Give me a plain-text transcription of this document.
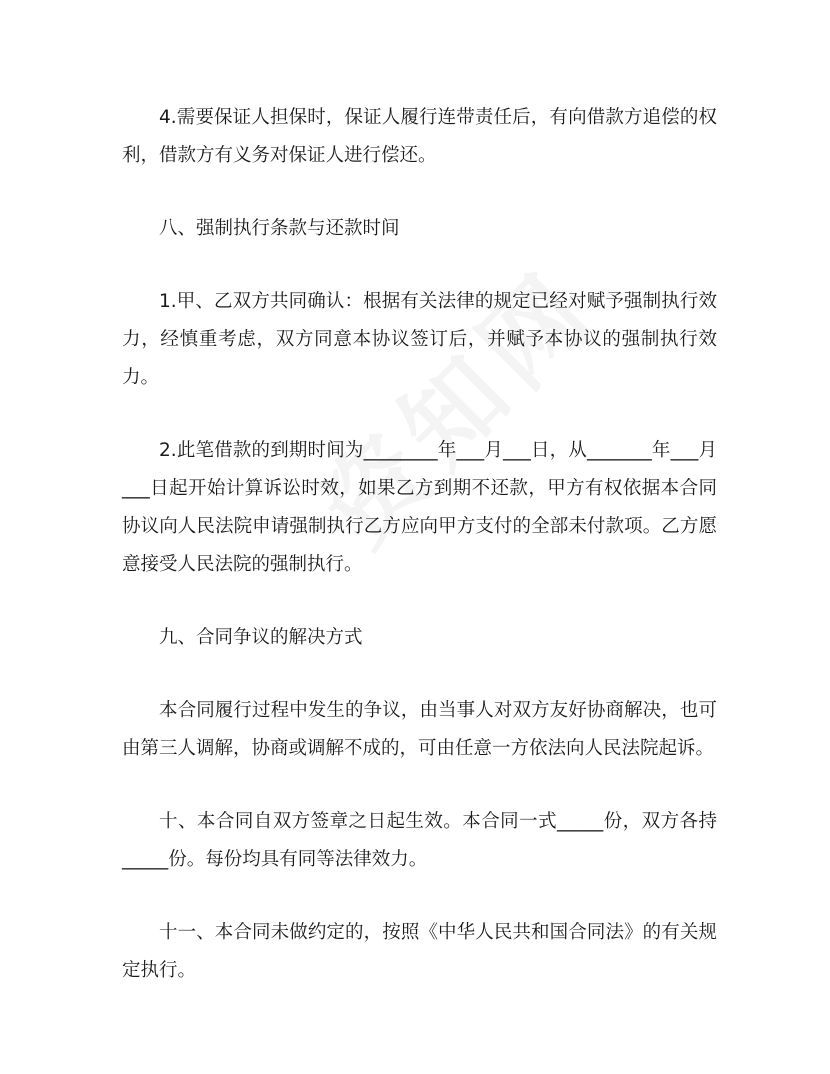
4.需要保证人担保时，保证人履行连带责任后，有向借款方追偿的权利，借款方有义务对保证人进行偿还。

八、强制执行条款与还款时间

1.甲、乙双方共同确认：根据有关法律的规定已经对赋予强制执行效力，经慎重考虑，双方同意本协议签订后，并赋予本协议的强制执行效力。

2.此笔借款的到期时间为________年___月___日，从_______年___月___日起开始计算诉讼时效，如果乙方到期不还款，甲方有权依据本合同协议向人民法院申请强制执行乙方应向甲方支付的全部未付款项。乙方愿意接受人民法院的强制执行。

九、合同争议的解决方式

本合同履行过程中发生的争议，由当事人对双方友好协商解决，也可由第三人调解，协商或调解不成的，可由任意一方依法向人民法院起诉。

十、本合同自双方签章之日起生效。本合同一式_____份，双方各持_____份。每份均具有同等法律效力。

十一、本合同未做约定的，按照《中华人民共和国合同法》的有关规定执行。
